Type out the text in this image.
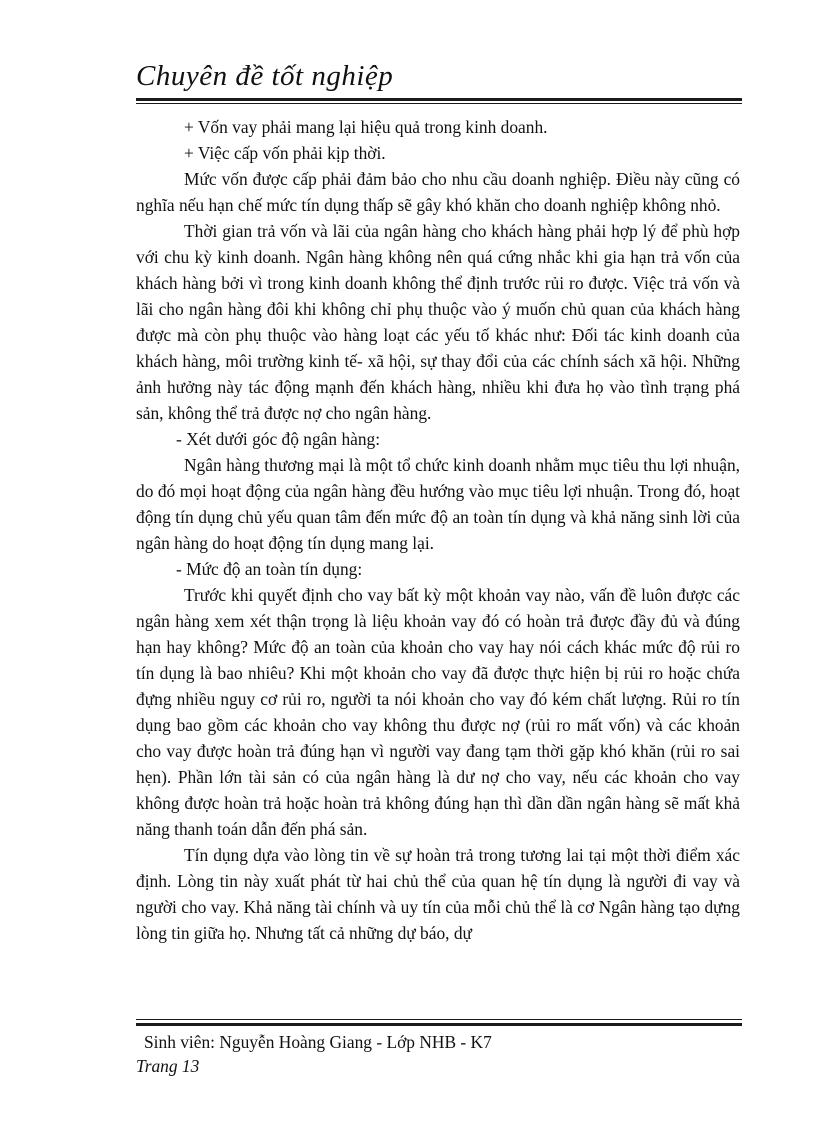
Chuyên đề tốt nghiệp

+ Vốn vay phải mang lại hiệu quả trong kinh doanh.

+ Việc cấp vốn phải kịp thời.

Mức vốn được cấp phải đảm bảo cho nhu cầu doanh nghiệp. Điều này cũng có nghĩa nếu hạn chế mức tín dụng thấp sẽ gây khó khăn cho doanh nghiệp không nhỏ.

Thời gian trả vốn và lãi của ngân hàng cho khách hàng phải hợp lý để phù hợp với chu kỳ kinh doanh. Ngân hàng không nên quá cứng nhắc khi gia hạn trả vốn của khách hàng bởi vì trong kinh doanh không thể định trước rủi ro được. Việc trả vốn và lãi cho ngân hàng đôi khi không chỉ phụ thuộc vào ý muốn chủ quan của khách hàng được mà còn phụ thuộc vào hàng loạt các yếu tố khác như: Đối tác kinh doanh của khách hàng, môi trường kinh tế- xã hội, sự thay đổi của các chính sách xã hội. Những ảnh hưởng này tác động mạnh đến khách hàng, nhiều khi đưa họ vào tình trạng phá sản, không thể trả được nợ cho ngân hàng.

- Xét dưới góc độ ngân hàng:

Ngân hàng thương mại là một tổ chức kinh doanh nhằm mục tiêu thu lợi nhuận, do đó mọi hoạt động của ngân hàng đều hướng vào mục tiêu lợi nhuận. Trong đó, hoạt động tín dụng chủ yếu quan tâm đến mức độ an toàn tín dụng và khả năng sinh lời của ngân hàng do hoạt động tín dụng mang lại.

- Mức độ an toàn tín dụng:

Trước khi quyết định cho vay bất kỳ một khoản vay nào, vấn đề luôn được các ngân hàng xem xét thận trọng là liệu khoản vay đó có hoàn trả được đầy đủ và đúng hạn hay không? Mức độ an toàn của khoản cho vay hay nói cách khác mức độ rủi ro tín dụng là bao nhiêu? Khi một khoản cho vay đã được thực hiện bị rủi ro hoặc chứa đựng nhiều nguy cơ rủi ro, người ta nói khoản cho vay đó kém chất lượng. Rủi ro tín dụng bao gồm các khoản cho vay không thu được nợ (rủi ro mất vốn) và các khoản cho vay được hoàn trả đúng hạn vì người vay đang tạm thời gặp khó khăn (rủi ro sai hẹn). Phần lớn tài sản có của ngân hàng là dư nợ cho vay, nếu các khoản cho vay không được hoàn trả hoặc hoàn trả không đúng hạn thì dần dần ngân hàng sẽ mất khả năng thanh toán dẫn đến phá sản.

Tín dụng dựa vào lòng tin về sự hoàn trả trong tương lai tại một thời điểm xác định. Lòng tin này xuất phát từ hai chủ thể của quan hệ tín dụng là người đi vay và người cho vay. Khả năng tài chính và uy tín của mỗi chủ thể là cơ Ngân hàng tạo dựng lòng tin giữa họ. Nhưng tất cả những dự báo, dự

Sinh viên: Nguyễn Hoàng Giang - Lớp NHB - K7
Trang 13
